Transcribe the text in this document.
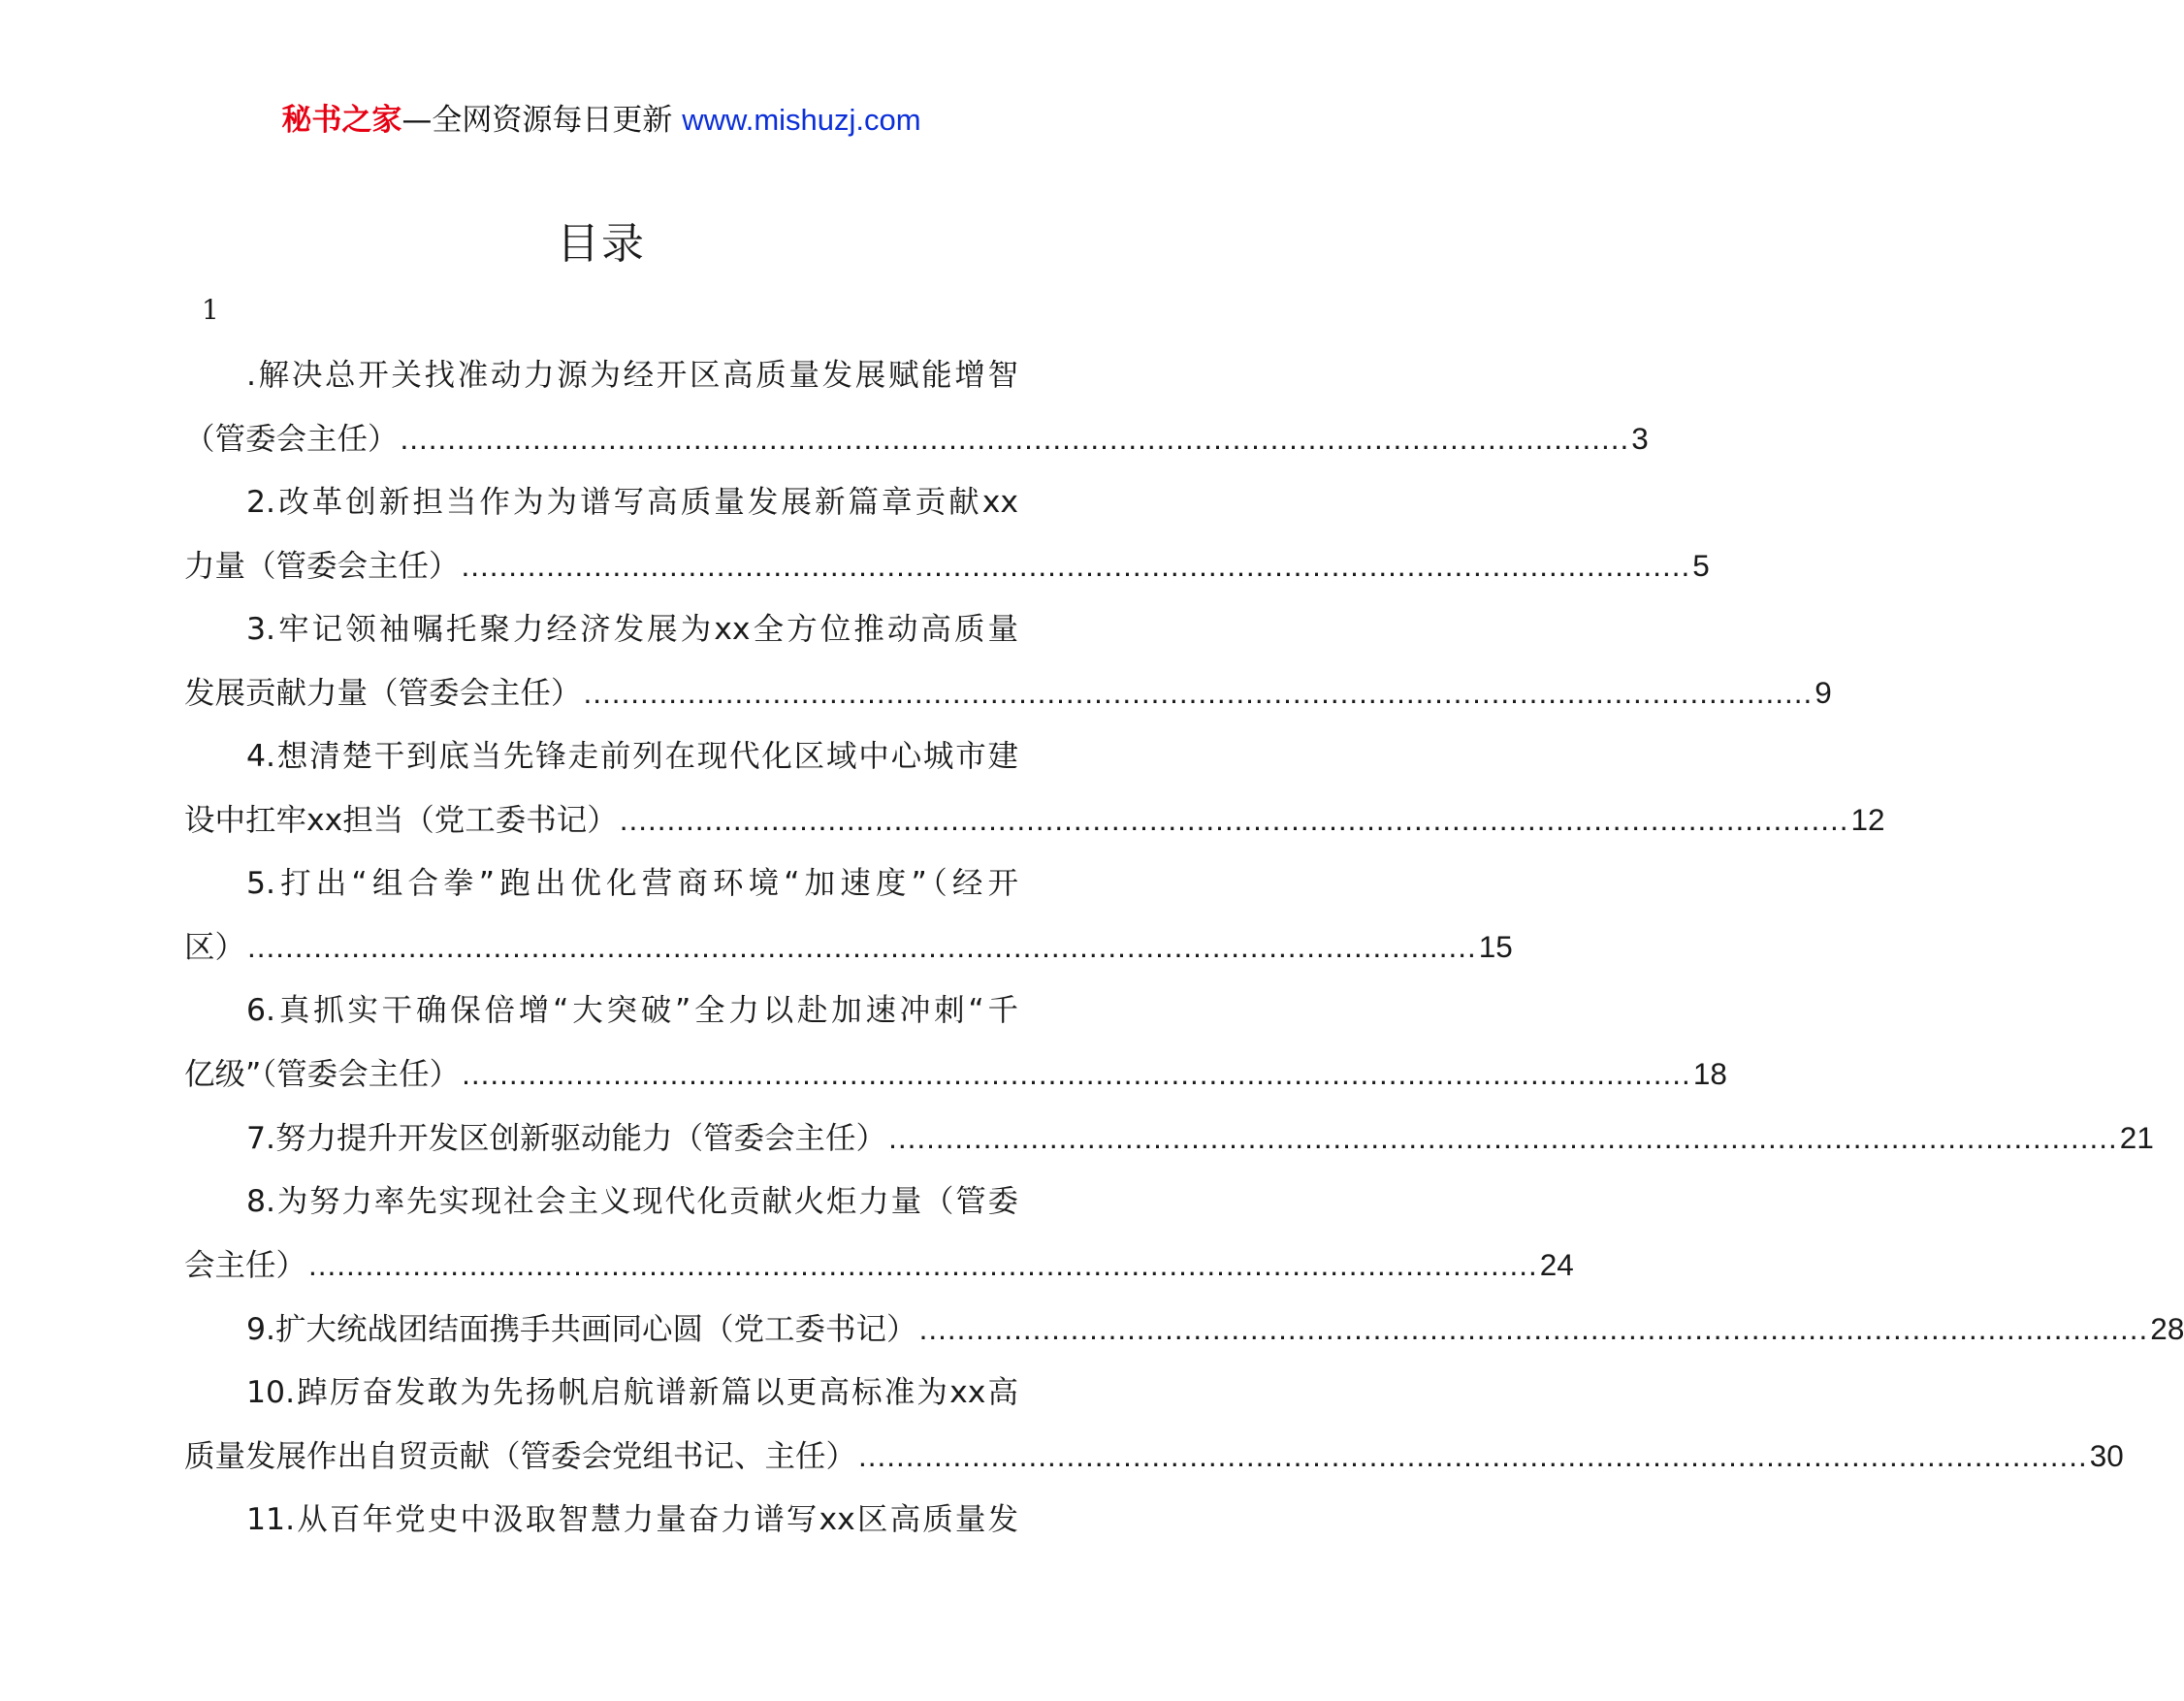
秘书之家—全网资源每日更新 www.mishuzj.com
目录
1
.解决总开关找准动力源为经开区高质量发展赋能增智
（管委会主任） .................................................................................................................................. 3
2.改革创新担当作为为谱写高质量发展新篇章贡献xx
力量（管委会主任） .................................................................................................................................. 5
3.牢记领袖嘱托聚力经济发展为xx全方位推动高质量
发展贡献力量（管委会主任） .................................................................................................................................. 9
4.想清楚干到底当先锋走前列在现代化区域中心城市建
设中扛牢xx担当（党工委书记） .................................................................................................................................. 12
5.打出“组合拳”跑出优化营商环境“加速度”（经开
区） .................................................................................................................................. 15
6.真抓实干确保倍增“大突破”全力以赴加速冲刺“千
亿级”（管委会主任） .................................................................................................................................. 18
7.努力提升开发区创新驱动能力（管委会主任） .................................................................................................................................. 21
8.为努力率先实现社会主义现代化贡献火炬力量（管委
会主任） .................................................................................................................................. 24
9.扩大统战团结面携手共画同心圆（党工委书记） .................................................................................................................................. 28
10.踔厉奋发敢为先扬帆启航谱新篇以更高标准为xx高
质量发展作出自贸贡献（管委会党组书记、主任） .................................................................................................................................. 30
11.从百年党史中汲取智慧力量奋力谱写xx区高质量发
